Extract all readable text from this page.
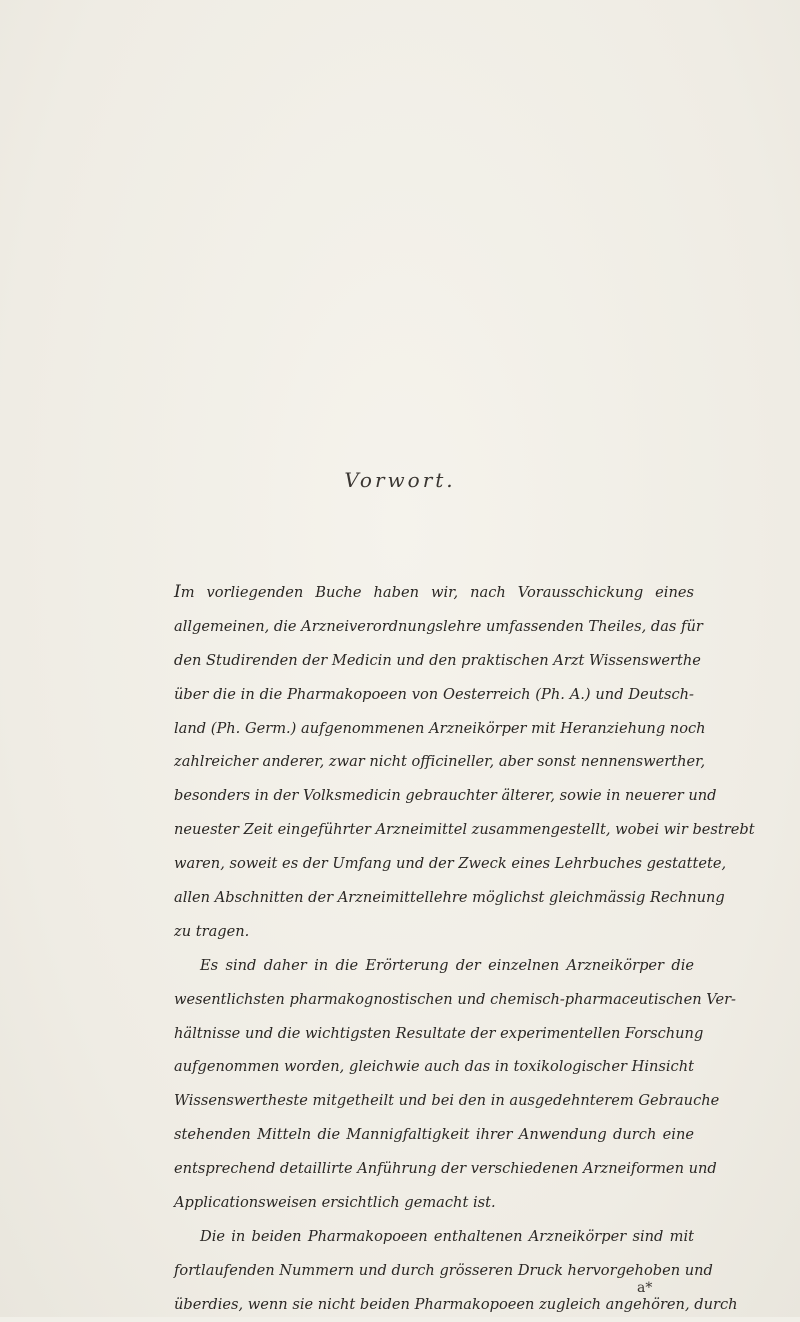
Vorwort.
Im vorliegenden Buche haben wir, nach Vorausschickung eines
allgemeinen, die Arzneiverordnungslehre umfassenden Theiles, das für
den Studirenden der Medicin und den praktischen Arzt Wissenswerthe
über die in die Pharmakopoeen von Oesterreich (Ph. A.) und Deutsch-
land (Ph. Germ.) aufgenommenen Arzneikörper mit Heranziehung noch
zahlreicher anderer, zwar nicht officineller, aber sonst nennenswerther,
besonders in der Volksmedicin gebrauchter älterer, sowie in neuerer und
neuester Zeit eingeführter Arzneimittel zusammengestellt, wobei wir bestrebt
waren, soweit es der Umfang und der Zweck eines Lehrbuches gestattete,
allen Abschnitten der Arzneimittellehre möglichst gleichmässig Rechnung
zu tragen.
Es sind daher in die Erörterung der einzelnen Arzneikörper die
wesentlichsten pharmakognostischen und chemisch-pharmaceutischen Ver-
hältnisse und die wichtigsten Resultate der experimentellen Forschung
aufgenommen worden, gleichwie auch das in toxikologischer Hinsicht
Wissenswertheste mitgetheilt und bei den in ausgedehnterem Gebrauche
stehenden Mitteln die Mannigfaltigkeit ihrer Anwendung durch eine
entsprechend detaillirte Anführung der verschiedenen Arzneiformen und
Applicationsweisen ersichtlich gemacht ist.
Die in beiden Pharmakopoeen enthaltenen Arzneikörper sind mit
fortlaufenden Nummern und durch grösseren Druck hervorgehoben und
überdies, wenn sie nicht beiden Pharmakopoeen zugleich angehören, durch
a*
